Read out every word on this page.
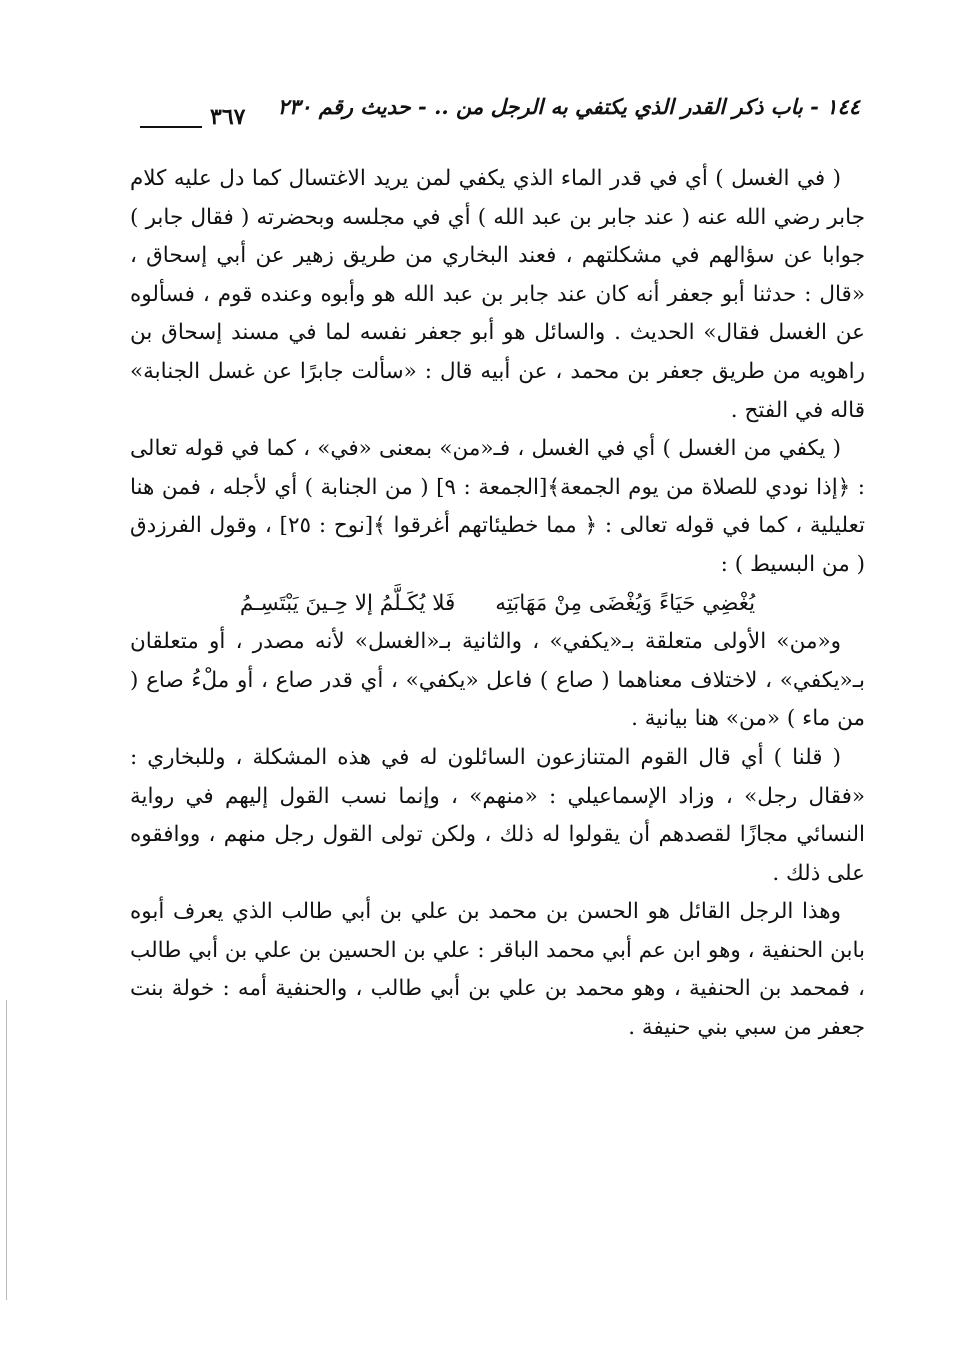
١٤٤ - باب ذكر القدر الذي يكتفي به الرجل من .. - حديث رقم ٢٣٠
٣٦٧

( في الغسل ) أي في قدر الماء الذي يكفي لمن يريد الاغتسال كما دل عليه كلام جابر رضي الله عنه ( عند جابر بن عبد الله ) أي في مجلسه وبحضرته ( فقال جابر ) جوابا عن سؤالهم في مشكلتهم ، فعند البخاري من طريق زهير عن أبي إسحاق ، «قال : حدثنا أبو جعفر أنه كان عند جابر بن عبد الله هو وأبوه وعنده قوم ، فسألوه عن الغسل فقال» الحديث . والسائل هو أبو جعفر نفسه لما في مسند إسحاق بن راهويه من طريق جعفر بن محمد ، عن أبيه قال : «سألت جابرًا عن غسل الجنابة» قاله في الفتح .

( يكفي من الغسل ) أي في الغسل ، فـ«من» بمعنى «في» ، كما في قوله تعالى : ﴿إذا نودي للصلاة من يوم الجمعة﴾[الجمعة : ٩] ( من الجنابة ) أي لأجله ، فمن هنا تعليلية ، كما في قوله تعالى : ﴿ مما خطيئاتهم أغرقوا ﴾[نوح : ٢٥] ، وقول الفرزدق ( من البسيط ) :

يُغْضِي حَيَاءً وَيُغْضَى مِنْ مَهَابَتِه
فَلا يُكَـلَّمُ إلا حِـينَ يَبْتَسِـمُ

و«من» الأولى متعلقة بـ«يكفي» ، والثانية بـ«الغسل» لأنه مصدر ، أو متعلقان بـ«يكفي» ، لاختلاف معناهما ( صاع ) فاعل «يكفي» ، أي قدر صاع ، أو ملْءُ صاع ( من ماء ) «من» هنا بيانية .

( قلنا ) أي قال القوم المتنازعون السائلون له في هذه المشكلة ، وللبخاري : «فقال رجل» ، وزاد الإسماعيلي : «منهم» ، وإنما نسب القول إليهم في رواية النسائي مجازًا لقصدهم أن يقولوا له ذلك ، ولكن تولى القول رجل منهم ، ووافقوه على ذلك .

وهذا الرجل القائل هو الحسن بن محمد بن علي بن أبي طالب الذي يعرف أبوه بابن الحنفية ، وهو ابن عم أبي محمد الباقر : علي بن الحسين بن علي بن أبي طالب ، فمحمد بن الحنفية ، وهو محمد بن علي بن أبي طالب ، والحنفية أمه : خولة بنت جعفر من سبي بني حنيفة .
